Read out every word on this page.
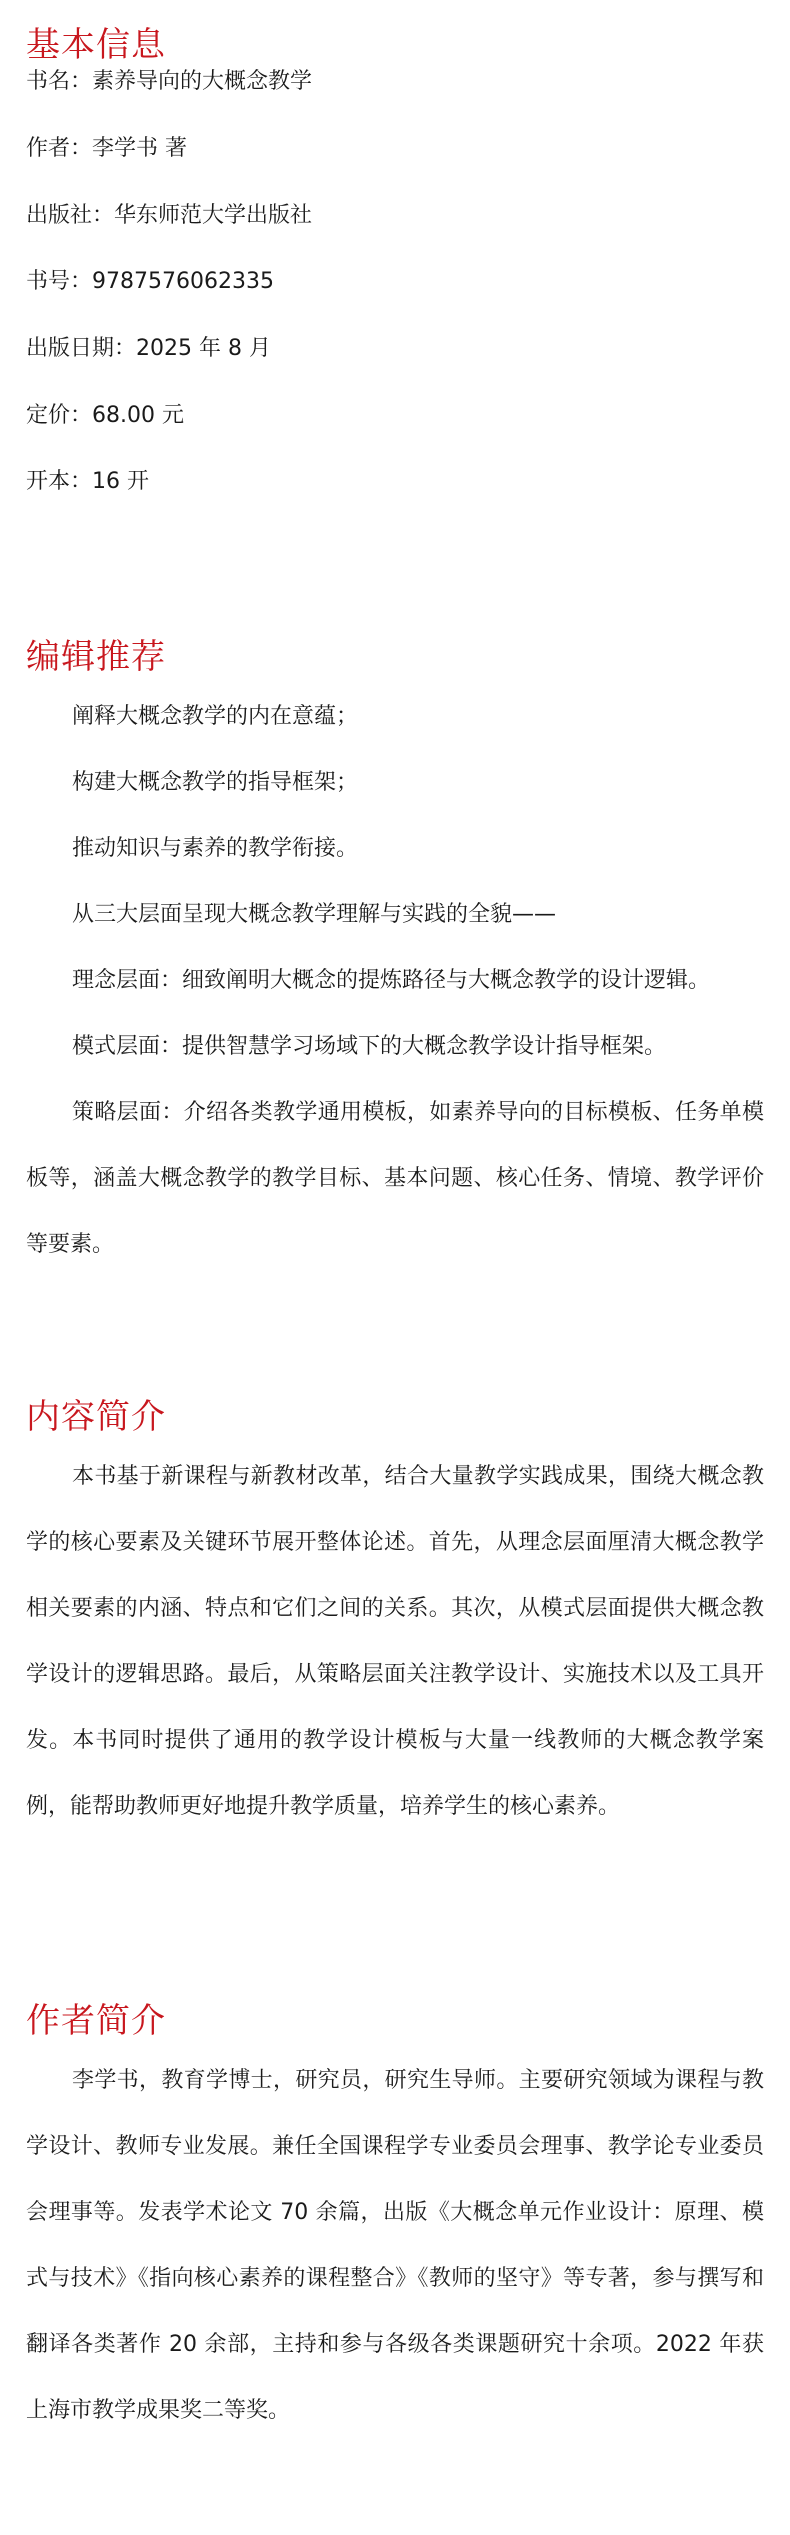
基本信息

书名：素养导向的大概念教学

作者：李学书 著

出版社：华东师范大学出版社

书号：9787576062335

出版日期：2025 年 8 月

定价：68.00 元

开本：16 开

编辑推荐

阐释大概念教学的内在意蕴；

构建大概念教学的指导框架；

推动知识与素养的教学衔接。

从三大层面呈现大概念教学理解与实践的全貌——

理念层面：细致阐明大概念的提炼路径与大概念教学的设计逻辑。

模式层面：提供智慧学习场域下的大概念教学设计指导框架。

策略层面：介绍各类教学通用模板，如素养导向的目标模板、任务单模板等，涵盖大概念教学的教学目标、基本问题、核心任务、情境、教学评价等要素。

内容简介

本书基于新课程与新教材改革，结合大量教学实践成果，围绕大概念教学的核心要素及关键环节展开整体论述。首先，从理念层面厘清大概念教学相关要素的内涵、特点和它们之间的关系。其次，从模式层面提供大概念教学设计的逻辑思路。最后，从策略层面关注教学设计、实施技术以及工具开发。本书同时提供了通用的教学设计模板与大量一线教师的大概念教学案例，能帮助教师更好地提升教学质量，培养学生的核心素养。

作者简介

李学书，教育学博士，研究员，研究生导师。主要研究领域为课程与教学设计、教师专业发展。兼任全国课程学专业委员会理事、教学论专业委员会理事等。发表学术论文 70 余篇，出版《大概念单元作业设计：原理、模式与技术》《指向核心素养的课程整合》《教师的坚守》等专著，参与撰写和翻译各类著作 20 余部，主持和参与各级各类课题研究十余项。2022 年获上海市教学成果奖二等奖。
